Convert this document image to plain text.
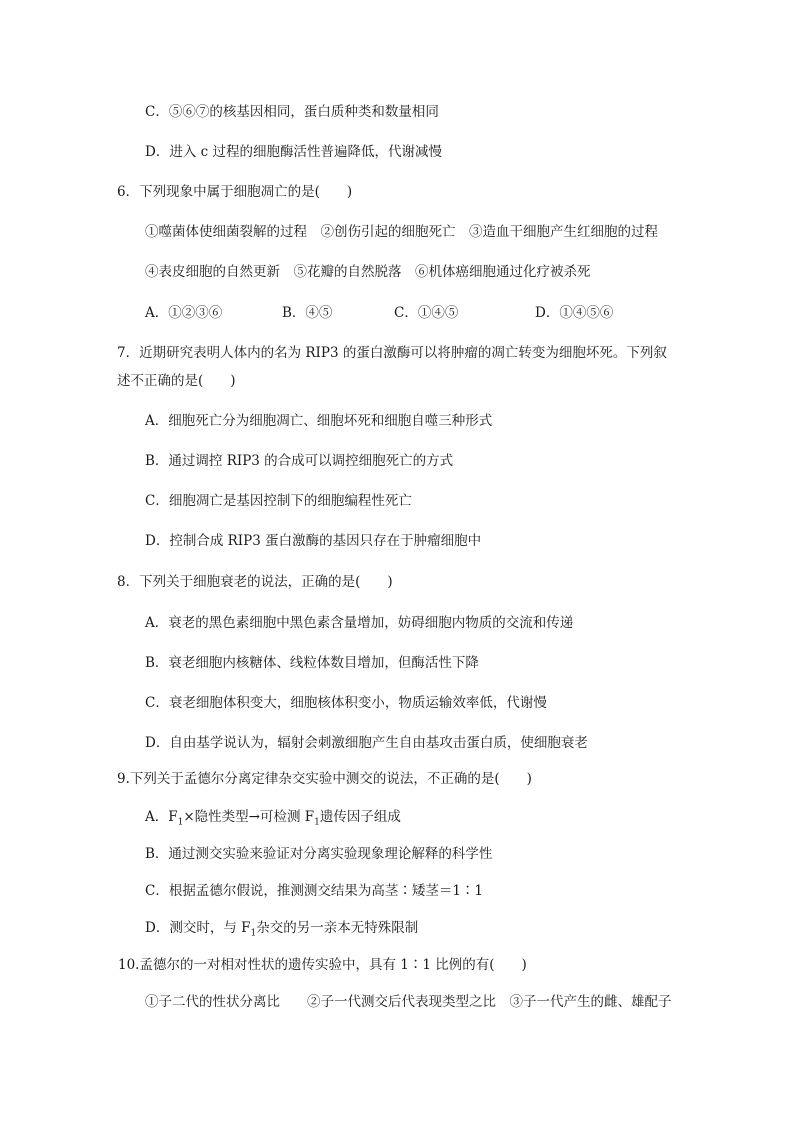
C．⑤⑥⑦的核基因相同，蛋白质种类和数量相同
D．进入 c 过程的细胞酶活性普遍降低，代谢减慢
6．下列现象中属于细胞凋亡的是(　　)
①噬菌体使细菌裂解的过程　②创伤引起的细胞死亡　③造血干细胞产生红细胞的过程
④表皮细胞的自然更新　⑤花瓣的自然脱落　⑥机体癌细胞通过化疗被杀死
A．①②③⑥	B．④⑤	C．①④⑤	D．①④⑤⑥
7．近期研究表明人体内的名为 RIP3 的蛋白激酶可以将肿瘤的凋亡转变为细胞坏死。下列叙
述不正确的是(　　)
A．细胞死亡分为细胞凋亡、细胞坏死和细胞自噬三种形式
B．通过调控 RIP3 的合成可以调控细胞死亡的方式
C．细胞凋亡是基因控制下的细胞编程性死亡
D．控制合成 RIP3 蛋白激酶的基因只存在于肿瘤细胞中
8．下列关于细胞衰老的说法，正确的是(　　)
A．衰老的黑色素细胞中黑色素含量增加，妨碍细胞内物质的交流和传递
B．衰老细胞内核糖体、线粒体数目增加，但酶活性下降
C．衰老细胞体积变大，细胞核体积变小，物质运输效率低，代谢慢
D．自由基学说认为，辐射会刺激细胞产生自由基攻击蛋白质，使细胞衰老
9.下列关于孟德尔分离定律杂交实验中测交的说法，不正确的是(　　)
A．$F_1\times$隐性类型→可检测 $F_1$遗传因子组成
B．通过测交实验来验证对分离实验现象理论解释的科学性
C．根据孟德尔假说，推测测交结果为高茎∶矮茎＝1∶1
D．测交时，与 $F_1$杂交的另一亲本无特殊限制
10.孟德尔的一对相对性状的遗传实验中，具有 1∶1 比例的有(　　)
①子二代的性状分离比　　②子一代测交后代表现类型之比　③子一代产生的雌、雄配子
